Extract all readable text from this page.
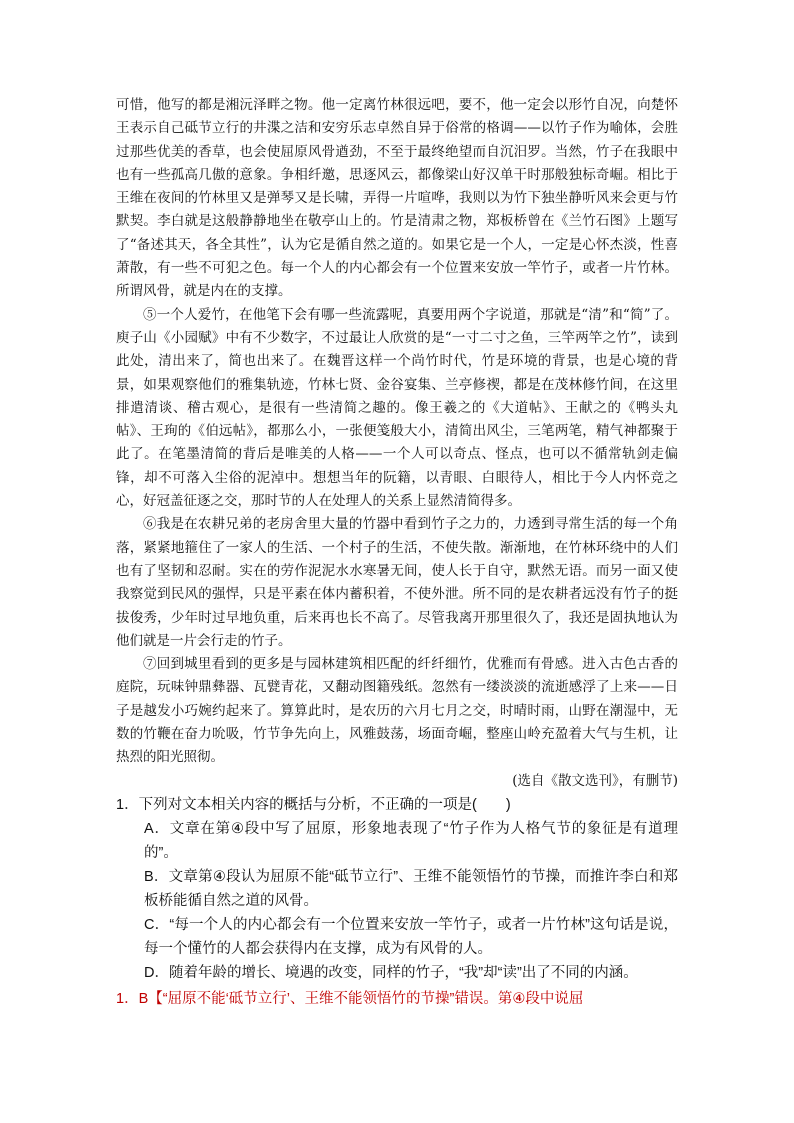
可惜，他写的都是湘沅泽畔之物。他一定离竹林很远吧，要不，他一定会以形竹自况，向楚怀王表示自己砥节立行的井渫之洁和安穷乐志卓然自异于俗常的格调——以竹子作为喻体，会胜过那些优美的香草，也会使屈原风骨遒劲，不至于最终绝望而自沉汨罗。当然，竹子在我眼中也有一些孤高几傲的意象。争相纤邀，思逐风云，都像梁山好汉单干时那般独标奇崛。相比于王维在夜间的竹林里又是弹琴又是长啸，弄得一片喧哗，我则以为竹下独坐静听风来会更与竹默契。李白就是这般静静地坐在敬亭山上的。竹是清肃之物，郑板桥曾在《兰竹石图》上题写了“备述其天，各全其性”，认为它是循自然之道的。如果它是一个人，一定是心怀杰淡，性喜萧散，有一些不可犯之色。每一个人的内心都会有一个位置来安放一竿竹子，或者一片竹林。所谓风骨，就是内在的支撑。

⑤一个人爱竹，在他笔下会有哪一些流露呢，真要用两个字说道，那就是“清”和“简”了。庾子山《小园赋》中有不少数字，不过最让人欣赏的是“一寸二寸之鱼，三竿两竿之竹”，读到此处，清出来了，简也出来了。在魏晋这样一个尚竹时代，竹是环境的背景，也是心境的背景，如果观察他们的雅集轨迹，竹林七贤、金谷宴集、兰亭修禊，都是在茂林修竹间，在这里排遣清谈、稽古观心，是很有一些清简之趣的。像王羲之的《大道帖》、王献之的《鸭头丸帖》、王珣的《伯远帖》，都那么小，一张便笺般大小，清简出风尘，三笔两笔，精气神都聚于此了。在笔墨清简的背后是唯美的人格——一个人可以奇点、怪点，也可以不循常轨剑走偏锋，却不可落入尘俗的泥淖中。想想当年的阮籍，以青眼、白眼待人，相比于今人内怀竞之心，好冠盖征逐之交，那时节的人在处理人的关系上显然清简得多。

⑥我是在农耕兄弟的老房舍里大量的竹器中看到竹子之力的，力透到寻常生活的每一个角落，紧紧地箍住了一家人的生活、一个村子的生活，不使失散。渐渐地，在竹林环绕中的人们也有了坚韧和忍耐。实在的劳作泥泥水水寒暑无间，使人长于自守，默然无语。而另一面又使我察觉到民风的强悍，只是平素在体内蓄积着，不使外泄。所不同的是农耕者远没有竹子的挺拔俊秀，少年时过早地负重，后来再也长不高了。尽管我离开那里很久了，我还是固执地认为他们就是一片会行走的竹子。

⑦回到城里看到的更多是与园林建筑相匹配的纤纤细竹，优雅而有骨感。进入古色古香的庭院，玩味钟鼎彝器、瓦甓青花，又翻动图籍残纸。忽然有一缕淡淡的流逝感浮了上来——日子是越发小巧婉约起来了。算算此时，是农历的六月七月之交，时晴时雨，山野在潮湿中，无数的竹鞭在奋力吮吸，竹节争先向上，风雅鼓荡，场面奇崛，整座山岭充盈着大气与生机，让热烈的阳光照彻。

(选自《散文选刊》，有删节)

1．下列对文本相关内容的概括与分析，不正确的一项是(　　)

A．文章在第④段中写了屈原，形象地表现了“竹子作为人格气节的象征是有道理的”。

B．文章第④段认为屈原不能“砥节立行”、王维不能领悟竹的节操，而推许李白和郑板桥能循自然之道的风骨。

C．“每一个人的内心都会有一个位置来安放一竿竹子，或者一片竹林”这句话是说，每一个懂竹的人都会获得内在支撑，成为有风骨的人。

D．随着年龄的增长、境遇的改变，同样的竹子，“我”却“读”出了不同的内涵。

1．B【“屈原不能‘砥节立行’、王维不能领悟竹的节操”错误。第④段中说屈
